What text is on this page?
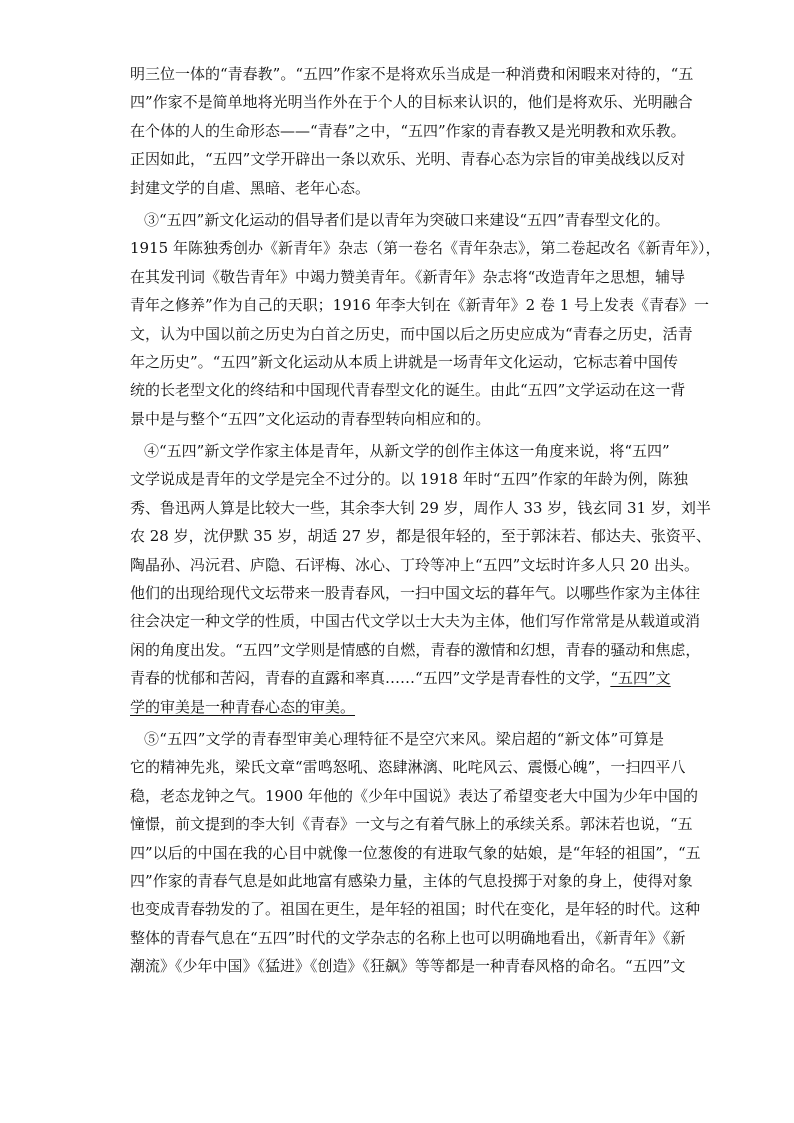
明三位一体的“青春教”。“五四”作家不是将欢乐当成是一种消费和闲暇来对待的，“五
四”作家不是简单地将光明当作外在于个人的目标来认识的，他们是将欢乐、光明融合
在个体的人的生命形态——“青春”之中，“五四”作家的青春教又是光明教和欢乐教。
正因如此，“五四”文学开辟出一条以欢乐、光明、青春心态为宗旨的审美战线以反对
封建文学的自虐、黑暗、老年心态。

③“五四”新文化运动的倡导者们是以青年为突破口来建设“五四”青春型文化的。
1915 年陈独秀创办《新青年》杂志（第一卷名《青年杂志》，第二卷起改名《新青年》），
在其发刊词《敬告青年》中竭力赞美青年。《新青年》杂志将“改造青年之思想，辅导
青年之修养”作为自己的天职；1916 年李大钊在《新青年》2 卷 1 号上发表《青春》一
文，认为中国以前之历史为白首之历史，而中国以后之历史应成为“青春之历史，活青
年之历史”。“五四”新文化运动从本质上讲就是一场青年文化运动，它标志着中国传
统的长老型文化的终结和中国现代青春型文化的诞生。由此“五四”文学运动在这一背
景中是与整个“五四”文化运动的青春型转向相应和的。

④“五四”新文学作家主体是青年，从新文学的创作主体这一角度来说，将“五四”
文学说成是青年的文学是完全不过分的。以 1918 年时“五四”作家的年龄为例，陈独
秀、鲁迅两人算是比较大一些，其余李大钊 29 岁，周作人 33 岁，钱玄同 31 岁，刘半
农 28 岁，沈伊默 35 岁，胡适 27 岁，都是很年轻的，至于郭沫若、郁达夫、张资平、
陶晶孙、冯沅君、庐隐、石评梅、冰心、丁玲等冲上“五四”文坛时许多人只 20 出头。
他们的出现给现代文坛带来一股青春风，一扫中国文坛的暮年气。以哪些作家为主体往
往会决定一种文学的性质，中国古代文学以士大夫为主体，他们写作常常是从载道或消
闲的角度出发。“五四”文学则是情感的自燃，青春的激情和幻想，青春的骚动和焦虑，
青春的忧郁和苦闷，青春的直露和率真……“五四”文学是青春性的文学，“五四”文
学的审美是一种青春心态的审美。

⑤“五四”文学的青春型审美心理特征不是空穴来风。梁启超的“新文体”可算是
它的精神先兆，梁氏文章“雷鸣怒吼、恣肆淋漓、叱咤风云、震慑心魄”，一扫四平八
稳，老态龙钟之气。1900 年他的《少年中国说》表达了希望变老大中国为少年中国的
憧憬，前文提到的李大钊《青春》一文与之有着气脉上的承续关系。郭沫若也说，“五
四”以后的中国在我的心目中就像一位葱俊的有进取气象的姑娘，是“年轻的祖国”，“五
四”作家的青春气息是如此地富有感染力量，主体的气息投掷于对象的身上，使得对象
也变成青春勃发的了。祖国在更生，是年轻的祖国；时代在变化，是年轻的时代。这种
整体的青春气息在“五四”时代的文学杂志的名称上也可以明确地看出，《新青年》《新
潮流》《少年中国》《猛进》《创造》《狂飙》等等都是一种青春风格的命名。“五四”文
